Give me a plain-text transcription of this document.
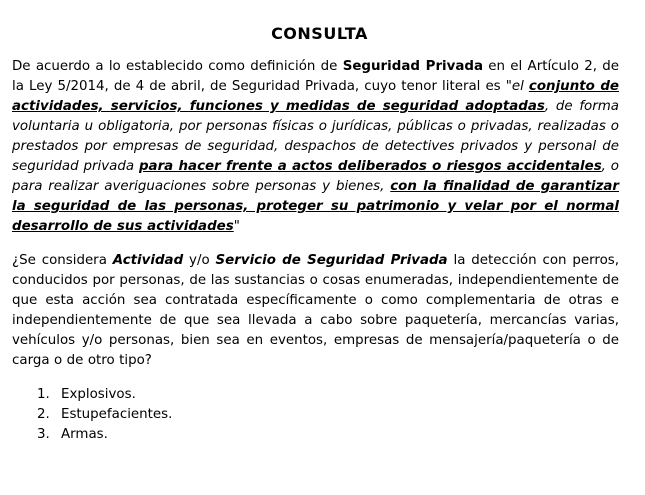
CONSULTA

De acuerdo a lo establecido como definición de Seguridad Privada en el Artículo 2, de la Ley 5/2014, de 4 de abril, de Seguridad Privada, cuyo tenor literal es "el conjunto de actividades, servicios, funciones y medidas de seguridad adoptadas, de forma voluntaria u obligatoria, por personas físicas o jurídicas, públicas o privadas, realizadas o prestados por empresas de seguridad, despachos de detectives privados y personal de seguridad privada para hacer frente a actos deliberados o riesgos accidentales, o para realizar averiguaciones sobre personas y bienes, con la finalidad de garantizar la seguridad de las personas, proteger su patrimonio y velar por el normal desarrollo de sus actividades"

¿Se considera Actividad y/o Servicio de Seguridad Privada la detección con perros, conducidos por personas, de las sustancias o cosas enumeradas, independientemente de que esta acción sea contratada específicamente o como complementaria de otras e independientemente de que sea llevada a cabo sobre paquetería, mercancías varias, vehículos y/o personas, bien sea en eventos, empresas de mensajería/paquetería o de carga o de otro tipo?

1. Explosivos.
2. Estupefacientes.
3. Armas.
